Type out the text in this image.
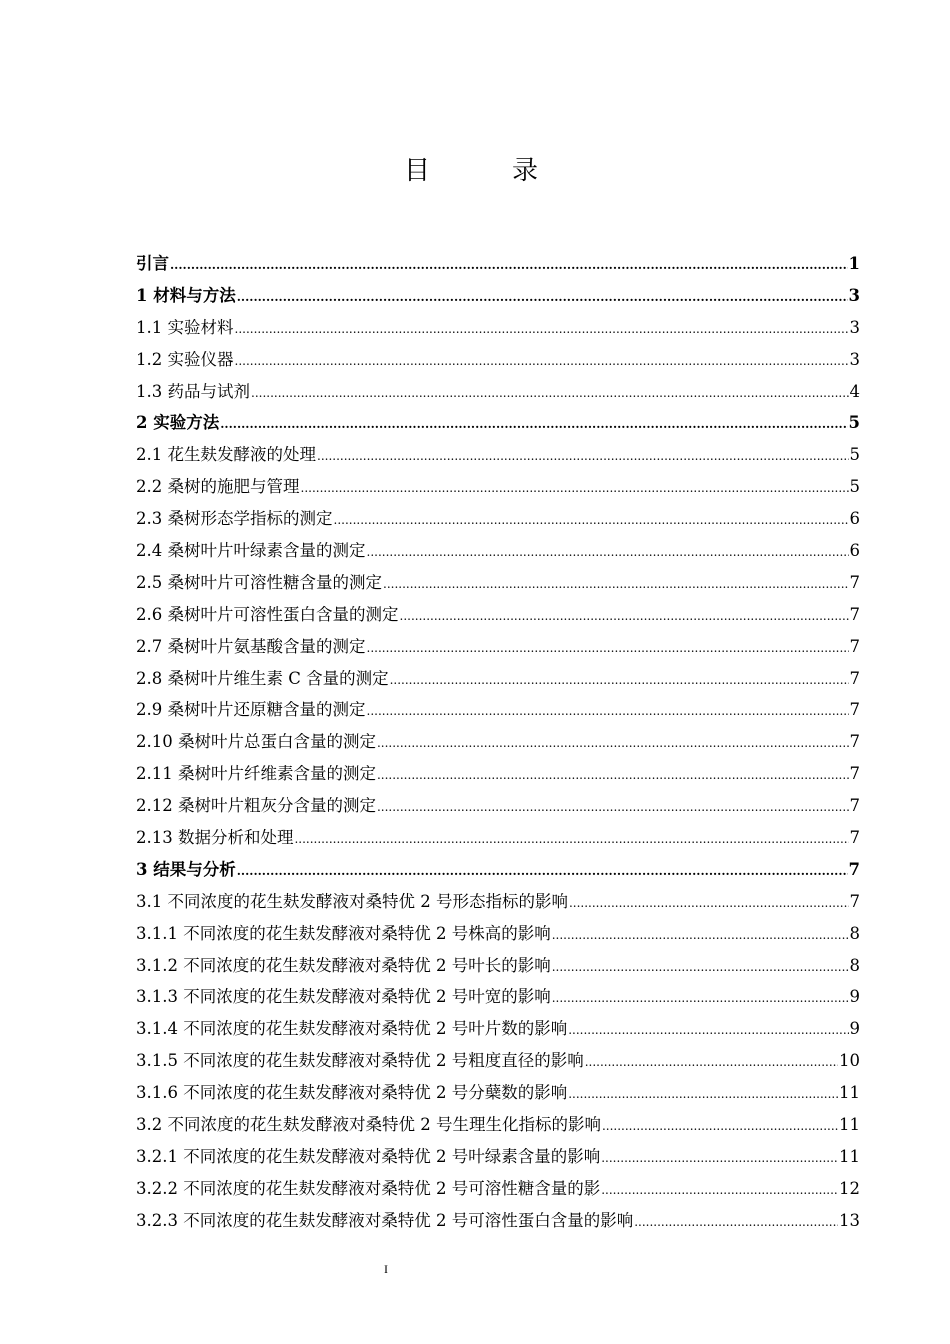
目　录
引言 .....	1
1 材料与方法 .....	3
1.1 实验材料 .....	3
1.2 实验仪器 .....	3
1.3 药品与试剂 .....	4
2 实验方法 .....	5
2.1 花生麸发酵液的处理 .....	5
2.2 桑树的施肥与管理 .....	5
2.3 桑树形态学指标的测定 .....	6
2.4 桑树叶片叶绿素含量的测定 .....	6
2.5 桑树叶片可溶性糖含量的测定 .....	7
2.6 桑树叶片可溶性蛋白含量的测定 .....	7
2.7 桑树叶片氨基酸含量的测定 .....	7
2.8 桑树叶片维生素 C 含量的测定 .....	7
2.9 桑树叶片还原糖含量的测定 .....	7
2.10 桑树叶片总蛋白含量的测定 .....	7
2.11 桑树叶片纤维素含量的测定 .....	7
2.12 桑树叶片粗灰分含量的测定 .....	7
2.13 数据分析和处理 .....	7
3 结果与分析 .....	7
3.1 不同浓度的花生麸发酵液对桑特优 2 号形态指标的影响 .....	7
3.1.1 不同浓度的花生麸发酵液对桑特优 2 号株高的影响 .....	8
3.1.2 不同浓度的花生麸发酵液对桑特优 2 号叶长的影响 .....	8
3.1.3 不同浓度的花生麸发酵液对桑特优 2 号叶宽的影响 .....	9
3.1.4 不同浓度的花生麸发酵液对桑特优 2 号叶片数的影响 .....	9
3.1.5 不同浓度的花生麸发酵液对桑特优 2 号粗度直径的影响 .....	10
3.1.6 不同浓度的花生麸发酵液对桑特优 2 号分蘖数的影响 .....	11
3.2 不同浓度的花生麸发酵液对桑特优 2 号生理生化指标的影响 .....	11
3.2.1 不同浓度的花生麸发酵液对桑特优 2 号叶绿素含量的影响 .....	11
3.2.2 不同浓度的花生麸发酵液对桑特优 2 号可溶性糖含量的影 .....	12
3.2.3 不同浓度的花生麸发酵液对桑特优 2 号可溶性蛋白含量的影响 .....	13
I
